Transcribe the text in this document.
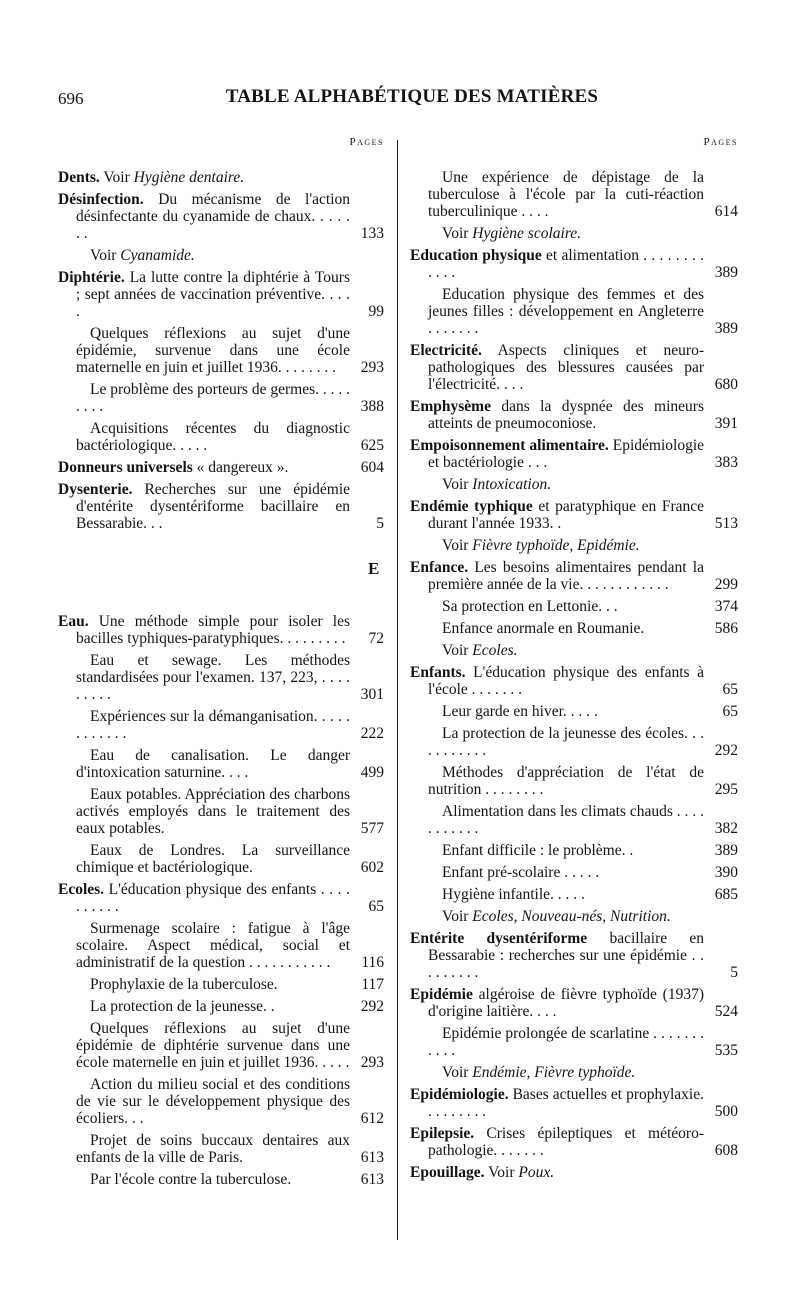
696	TABLE ALPHABÉTIQUE DES MATIÈRES
Pages
Dents. Voir Hygiène dentaire.
Désinfection. Du mécanisme de l'action désinfectante du cyanamide de chaux. . . . . . .	133
Voir Cyanamide.
Diphtérie. La lutte contre la diphtérie à Tours ; sept années de vaccination préventive. . . . .	99
Quelques réflexions au sujet d'une épidémie, survenue dans une école maternelle en juin et juillet 1936. . . . . . . .	293
Le problème des porteurs de germes. . . . . . . . .	388
Acquisitions récentes du diagnostic bactériologique. . . . .	625
Donneurs universels « dangereux ».	604
Dysenterie. Recherches sur une épidémie d'entérite dysentériforme bacillaire en Bessarabie. . .	5
E
Eau. Une méthode simple pour isoler les bacilles typhiques-paratyphiques. . . . . . . . .	72
Eau et sewage. Les méthodes standardisées pour l'examen. 137, 223, . . . . . . . . .	301
Expériences sur la démanganisation. . . . . . . . . . . .	222
Eau de canalisation. Le danger d'intoxication saturnine. . . .	499
Eaux potables. Appréciation des charbons activés employés dans le traitement des eaux potables.	577
Eaux de Londres. La surveillance chimique et bactériologique.	602
Ecoles. L'éducation physique des enfants . . . . . . . . . .	65
Surmenage scolaire : fatigue à l'âge scolaire. Aspect médical, social et administratif de la question . . . . . . . . . . .	116
Prophylaxie de la tuberculose.	117
La protection de la jeunesse. .	292
Quelques réflexions au sujet d'une épidémie de diphtérie survenue dans une école maternelle en juin et juillet 1936. . . . . 293
Action du milieu social et des conditions de vie sur le développement physique des écoliers. . .	612
Projet de soins buccaux dentaires aux enfants de la ville de Paris.	613
Par l'école contre la tuberculose.	613
Pages
Une expérience de dépistage de la tuberculose à l'école par la cuti-réaction tuberculinique . . . .	614
Voir Hygiène scolaire.
Education physique et alimentation . . . . . . . . . . . .	389
Education physique des femmes et des jeunes filles : développement en Angleterre . . . . . . .	389
Electricité. Aspects cliniques et neuro-pathologiques des blessures causées par l'électricité. . . .	680
Emphysème dans la dyspnée des mineurs atteints de pneumoconiose.	391
Empoisonnement alimentaire. Epidémiologie et bactériologie . . .	383
Voir Intoxication.
Endémie typhique et paratyphique en France durant l'année 1933. .	513
Voir Fièvre typhoïde, Epidémie.
Enfance. Les besoins alimentaires pendant la première année de la vie. . . . . . . . . . . .	299
Sa protection en Lettonie. . .	374
Enfance anormale en Roumanie.	586
Voir Ecoles.
Enfants. L'éducation physique des enfants à l'école . . . . . . .	65
Leur garde en hiver. . . . .	65
La protection de la jeunesse des écoles. . . . . . . . . . .	292
Méthodes d'appréciation de l'état de nutrition . . . . . . . .	295
Alimentation dans les climats chauds . . . . . . . . . . .	382
Enfant difficile : le problème. .	389
Enfant pré-scolaire . . . . .	390
Hygiène infantile. . . . .	685
Voir Ecoles, Nouveau-nés, Nutrition.
Entérite dysentériforme bacillaire en Bessarabie : recherches sur une épidémie . . . . . . . . .	5
Epidémie algéroise de fièvre typhoïde (1937) d'origine laitière. . . .	524
Epidémie prolongée de scarlatine . . . . . . . . . . .	535
Voir Endémie, Fièvre typhoïde.
Epidémiologie. Bases actuelles et prophylaxie. . . . . . . . .	500
Epilepsie. Crises épileptiques et météoro-pathologie. . . . . . .	608
Epouillage. Voir Poux.
